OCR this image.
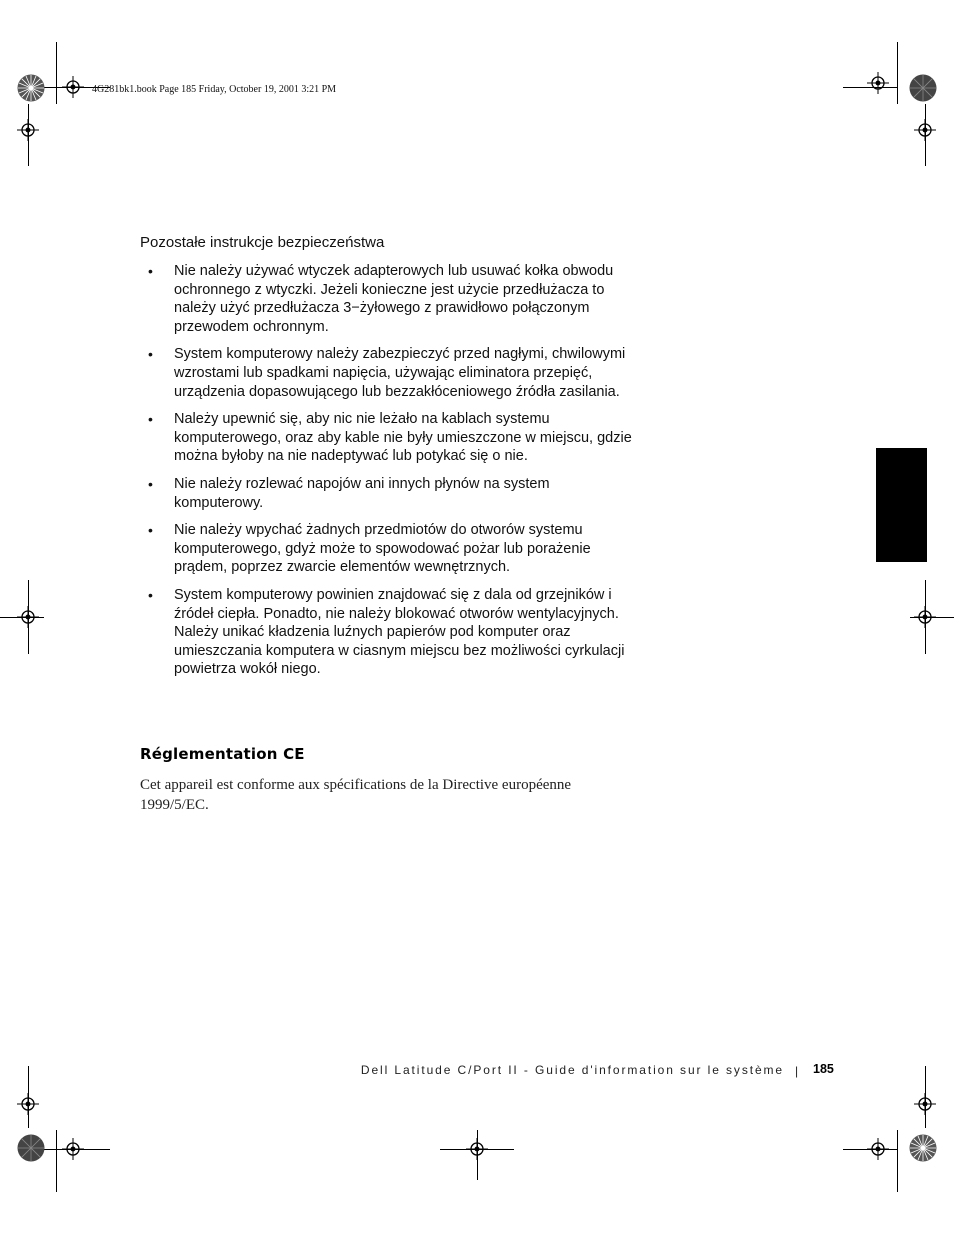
4G281bk1.book Page 185 Friday, October 19, 2001 3:21 PM
Pozostałe instrukcje bezpieczeństwa
• Nie należy używać wtyczek adapterowych lub usuwać kołka obwodu ochronnego z wtyczki. Jeżeli konieczne jest użycie przedłużacza to należy użyć przedłużacza 3−żyłowego z prawidłowo połączonym przewodem ochronnym.
• System komputerowy należy zabezpieczyć przed nagłymi, chwilowymi wzrostami lub spadkami napięcia, używając eliminatora przepięć, urządzenia dopasowującego lub bezzakłóceniowego źródła zasilania.
• Należy upewnić się, aby nic nie leżało na kablach systemu komputerowego, oraz aby kable nie były umieszczone w miejscu, gdzie można byłoby na nie nadeptywać lub potykać się o nie.
• Nie należy rozlewać napojów ani innych płynów na system komputerowy.
• Nie należy wpychać żadnych przedmiotów do otworów systemu komputerowego, gdyż może to spowodować pożar lub porażenie prądem, poprzez zwarcie elementów wewnętrznych.
• System komputerowy powinien znajdować się z dala od grzejników i źródeł ciepła. Ponadto, nie należy blokować otworów wentylacyjnych. Należy unikać kładzenia luźnych papierów pod komputer oraz umieszczania komputera w ciasnym miejscu bez możliwości cyrkulacji powietrza wokół niego.
Réglementation CE
Cet appareil est conforme aux spécifications de la Directive européenne 1999/5/EC.
Dell Latitude C/Port II - Guide d'information sur le système | 185
